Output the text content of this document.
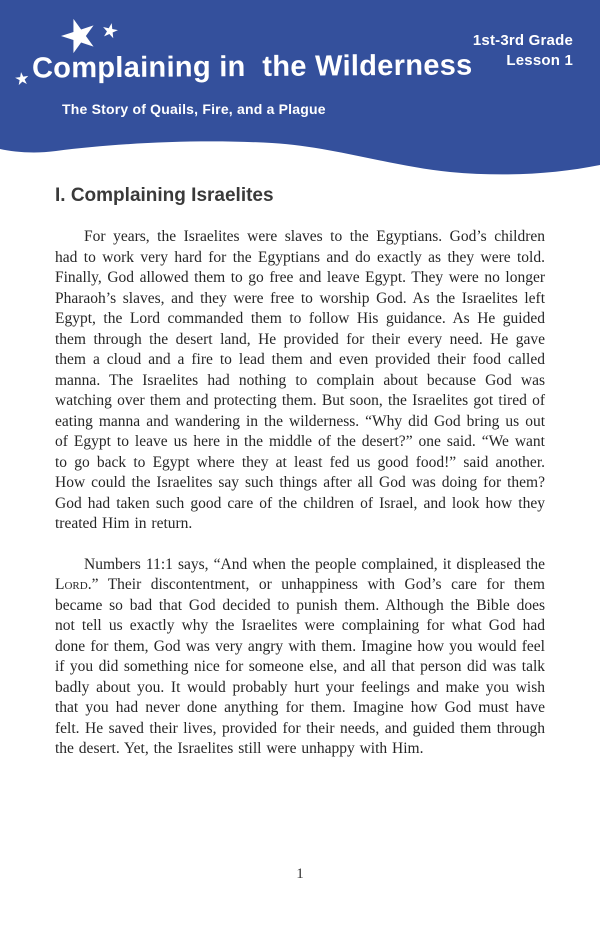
1st-3rd Grade
Lesson 1
Complaining in  the Wilderness
The Story of Quails, Fire, and a Plague
I. Complaining Israelites

For years, the Israelites were slaves to the Egyptians. God’s children had to work very hard for the Egyptians and do exactly as they were told. Finally, God allowed them to go free and leave Egypt. They were no longer Pharaoh’s slaves, and they were free to worship God. As the Israelites left Egypt, the Lord commanded them to follow His guidance. As He guided them through the desert land, He provided for their every need. He gave them a cloud and a fire to lead them and even provided their food called manna. The Israelites had nothing to complain about because God was watching over them and protecting them. But soon, the Israelites got tired of eating manna and wandering in the wilderness. “Why did God bring us out of Egypt to leave us here in the middle of the desert?” one said. “We want to go back to Egypt where they at least fed us good food!” said another. How could the Israelites say such things after all God was doing for them? God had taken such good care of the children of Israel, and look how they treated Him in return.

Numbers 11:1 says, “And when the people complained, it displeased the Lord.” Their discontentment, or unhappiness with God’s care for them became so bad that God decided to punish them. Although the Bible does not tell us exactly why the Israelites were complaining for what God had done for them, God was very angry with them. Imagine how you would feel if you did something nice for someone else, and all that person did was talk badly about you. It would probably hurt your feelings and make you wish that you had never done anything for them. Imagine how God must have felt. He saved their lives, provided for their needs, and guided them through the desert. Yet, the Israelites still were unhappy with Him.

1
